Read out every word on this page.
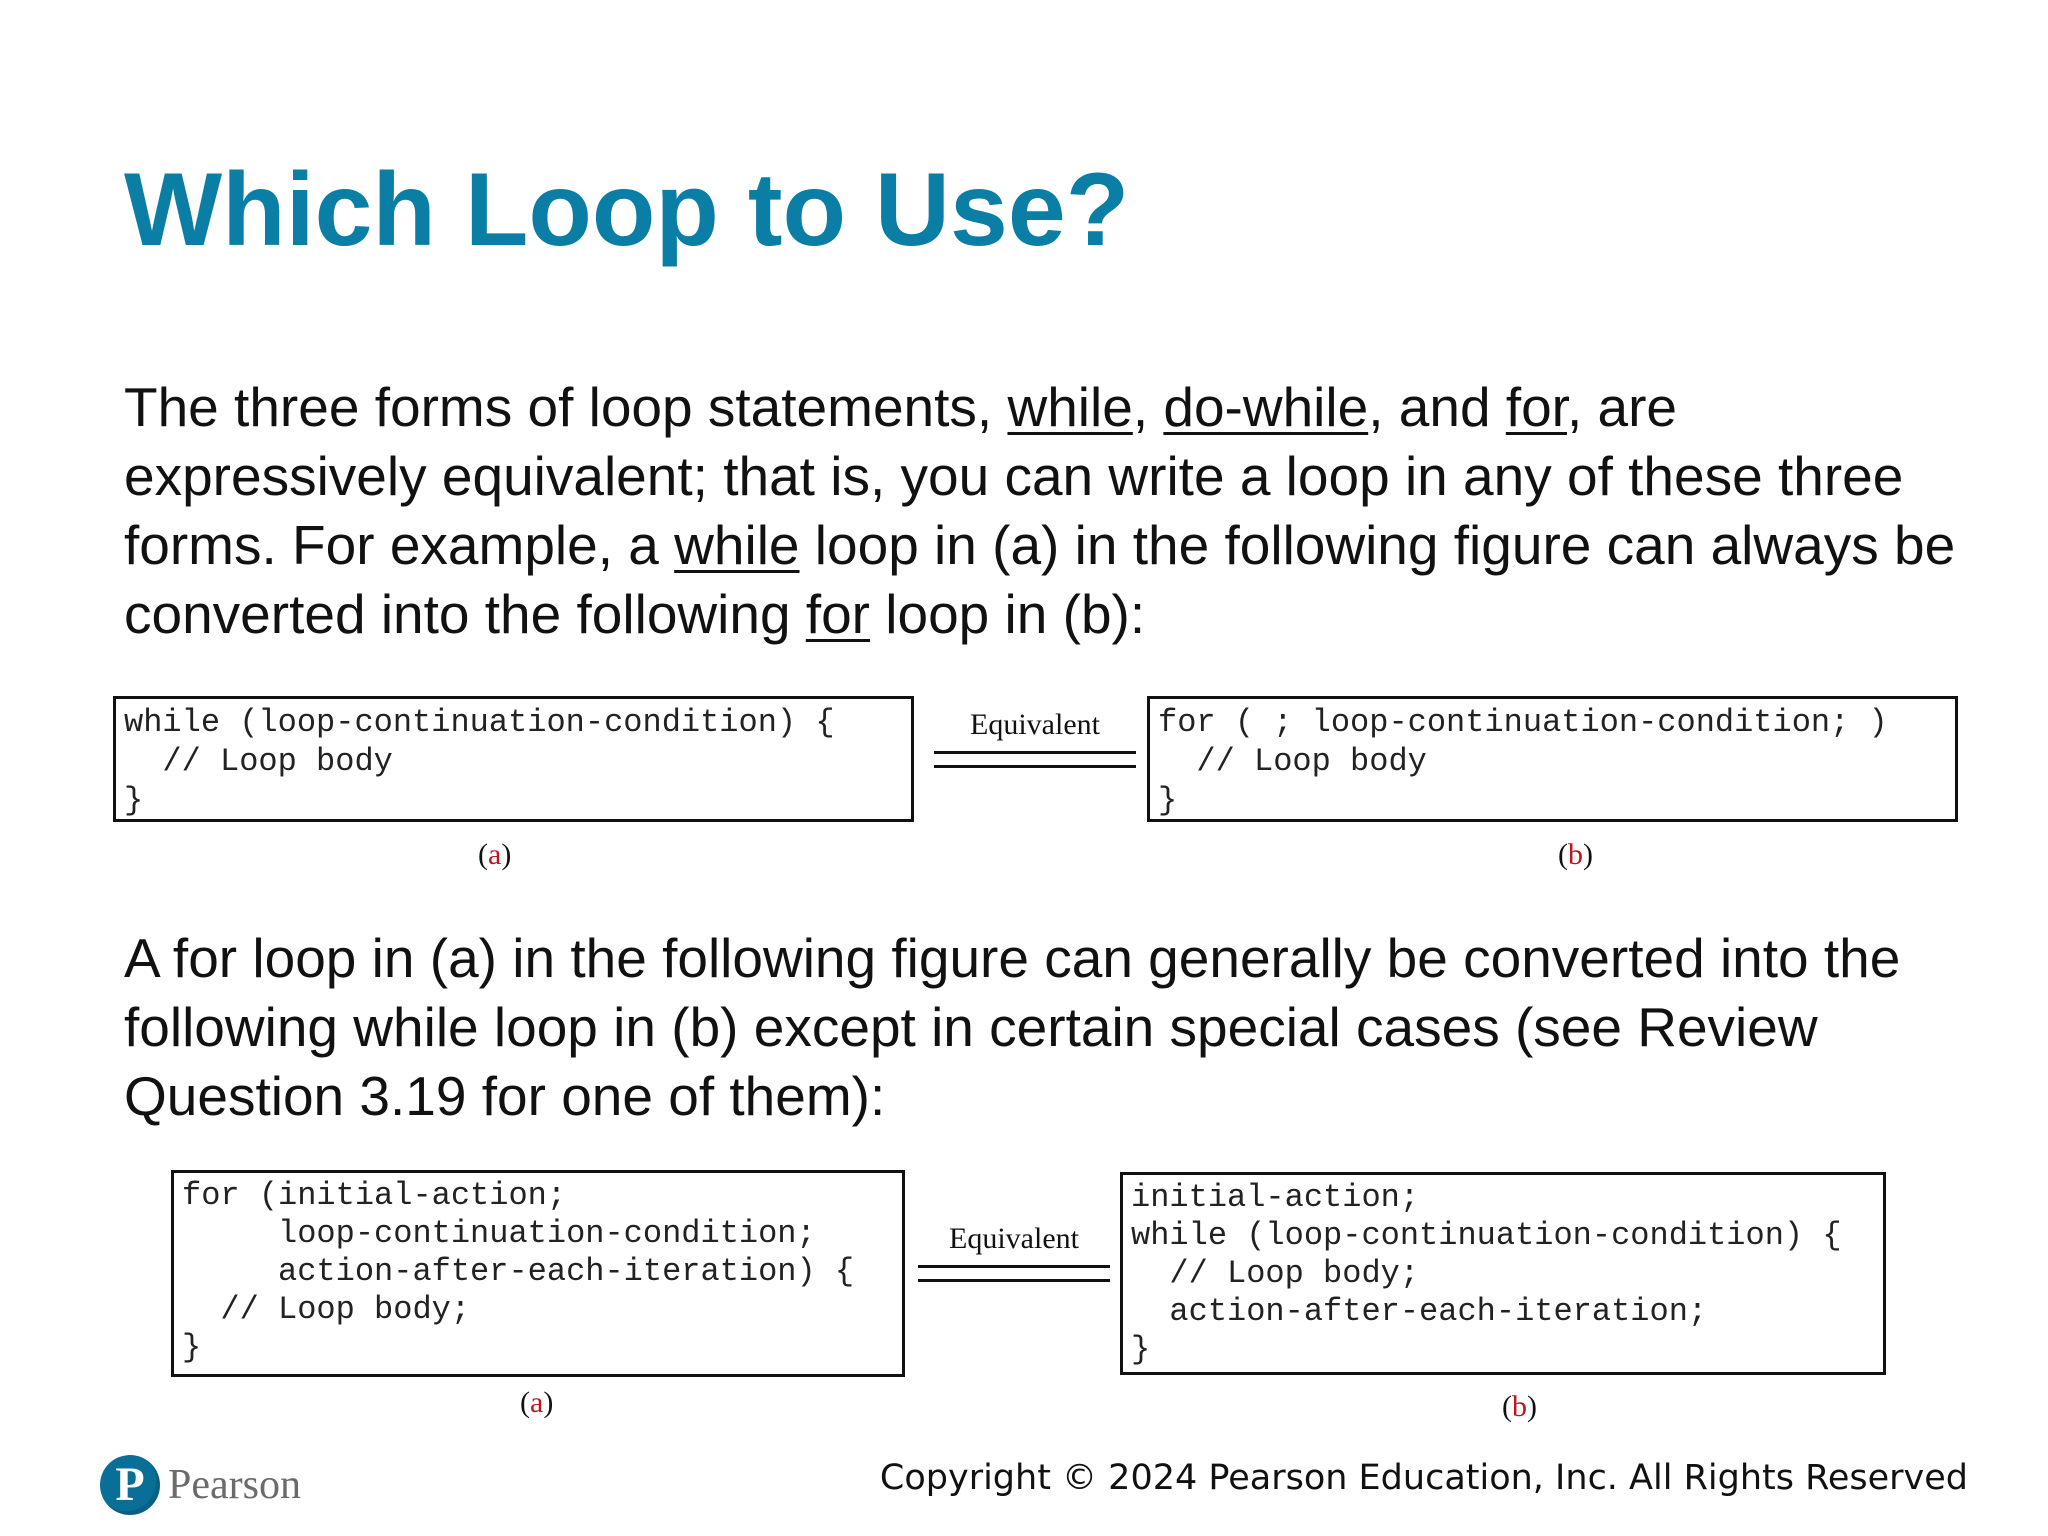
Which Loop to Use?

The three forms of loop statements, while, do-while, and for, are expressively equivalent; that is, you can write a loop in any of these three forms. For example, a while loop in (a) in the following figure can always be converted into the following for loop in (b):

while (loop-continuation-condition) {
// Loop body
}
Equivalent	for ( ; loop-continuation-condition; )
// Loop body
}
(a)	(b)

A for loop in (a) in the following figure can generally be converted into the following while loop in (b) except in certain special cases (see Review Question 3.19 for one of them):

for (initial-action;
loop-continuation-condition;
action-after-each-iteration) {
// Loop body;
}
Equivalent
initial-action;
while (loop-continuation-condition) {
// Loop body;
action-after-each-iteration;
}
(a)	(b)
P Pearson	Copyright © 2024 Pearson Education, Inc. All Rights Reserved
